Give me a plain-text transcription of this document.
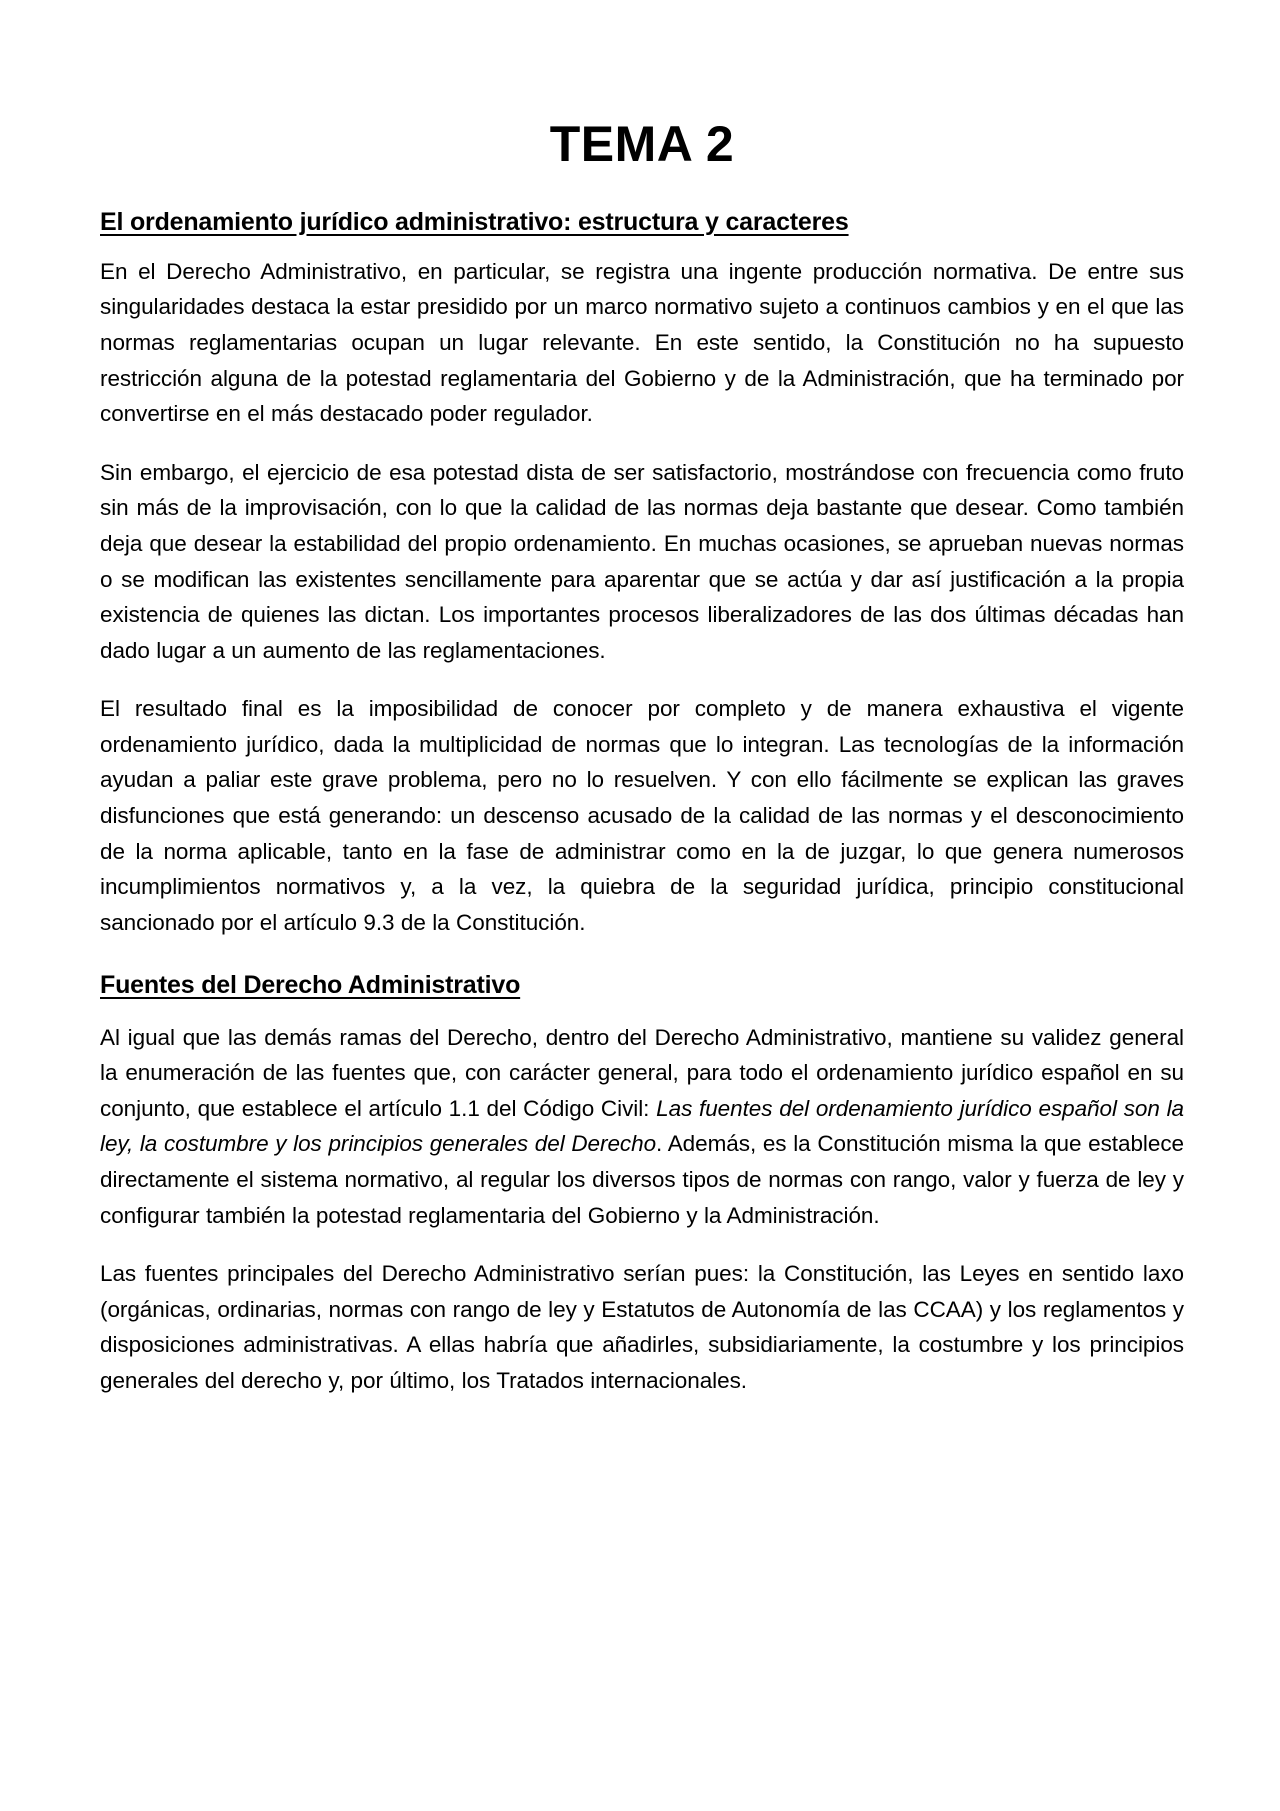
TEMA 2
El ordenamiento jurídico administrativo: estructura y caracteres

En el Derecho Administrativo, en particular, se registra una ingente producción normativa. De entre sus singularidades destaca la estar presidido por un marco normativo sujeto a continuos cambios y en el que las normas reglamentarias ocupan un lugar relevante. En este sentido, la Constitución no ha supuesto restricción alguna de la potestad reglamentaria del Gobierno y de la Administración, que ha terminado por convertirse en el más destacado poder regulador.

Sin embargo, el ejercicio de esa potestad dista de ser satisfactorio, mostrándose con frecuencia como fruto sin más de la improvisación, con lo que la calidad de las normas deja bastante que desear. Como también deja que desear la estabilidad del propio ordenamiento. En muchas ocasiones, se aprueban nuevas normas o se modifican las existentes sencillamente para aparentar que se actúa y dar así justificación a la propia existencia de quienes las dictan. Los importantes procesos liberalizadores de las dos últimas décadas han dado lugar a un aumento de las reglamentaciones.

El resultado final es la imposibilidad de conocer por completo y de manera exhaustiva el vigente ordenamiento jurídico, dada la multiplicidad de normas que lo integran. Las tecnologías de la información ayudan a paliar este grave problema, pero no lo resuelven. Y con ello fácilmente se explican las graves disfunciones que está generando: un descenso acusado de la calidad de las normas y el desconocimiento de la norma aplicable, tanto en la fase de administrar como en la de juzgar, lo que genera numerosos incumplimientos normativos y, a la vez, la quiebra de la seguridad jurídica, principio constitucional sancionado por el artículo 9.3 de la Constitución.

Fuentes del Derecho Administrativo

Al igual que las demás ramas del Derecho, dentro del Derecho Administrativo, mantiene su validez general la enumeración de las fuentes que, con carácter general, para todo el ordenamiento jurídico español en su conjunto, que establece el artículo 1.1 del Código Civil: Las fuentes del ordenamiento jurídico español son la ley, la costumbre y los principios generales del Derecho. Además, es la Constitución misma la que establece directamente el sistema normativo, al regular los diversos tipos de normas con rango, valor y fuerza de ley y configurar también la potestad reglamentaria del Gobierno y la Administración.

Las fuentes principales del Derecho Administrativo serían pues: la Constitución, las Leyes en sentido laxo (orgánicas, ordinarias, normas con rango de ley y Estatutos de Autonomía de las CCAA) y los reglamentos y disposiciones administrativas. A ellas habría que añadirles, subsidiariamente, la costumbre y los principios generales del derecho y, por último, los Tratados internacionales.
